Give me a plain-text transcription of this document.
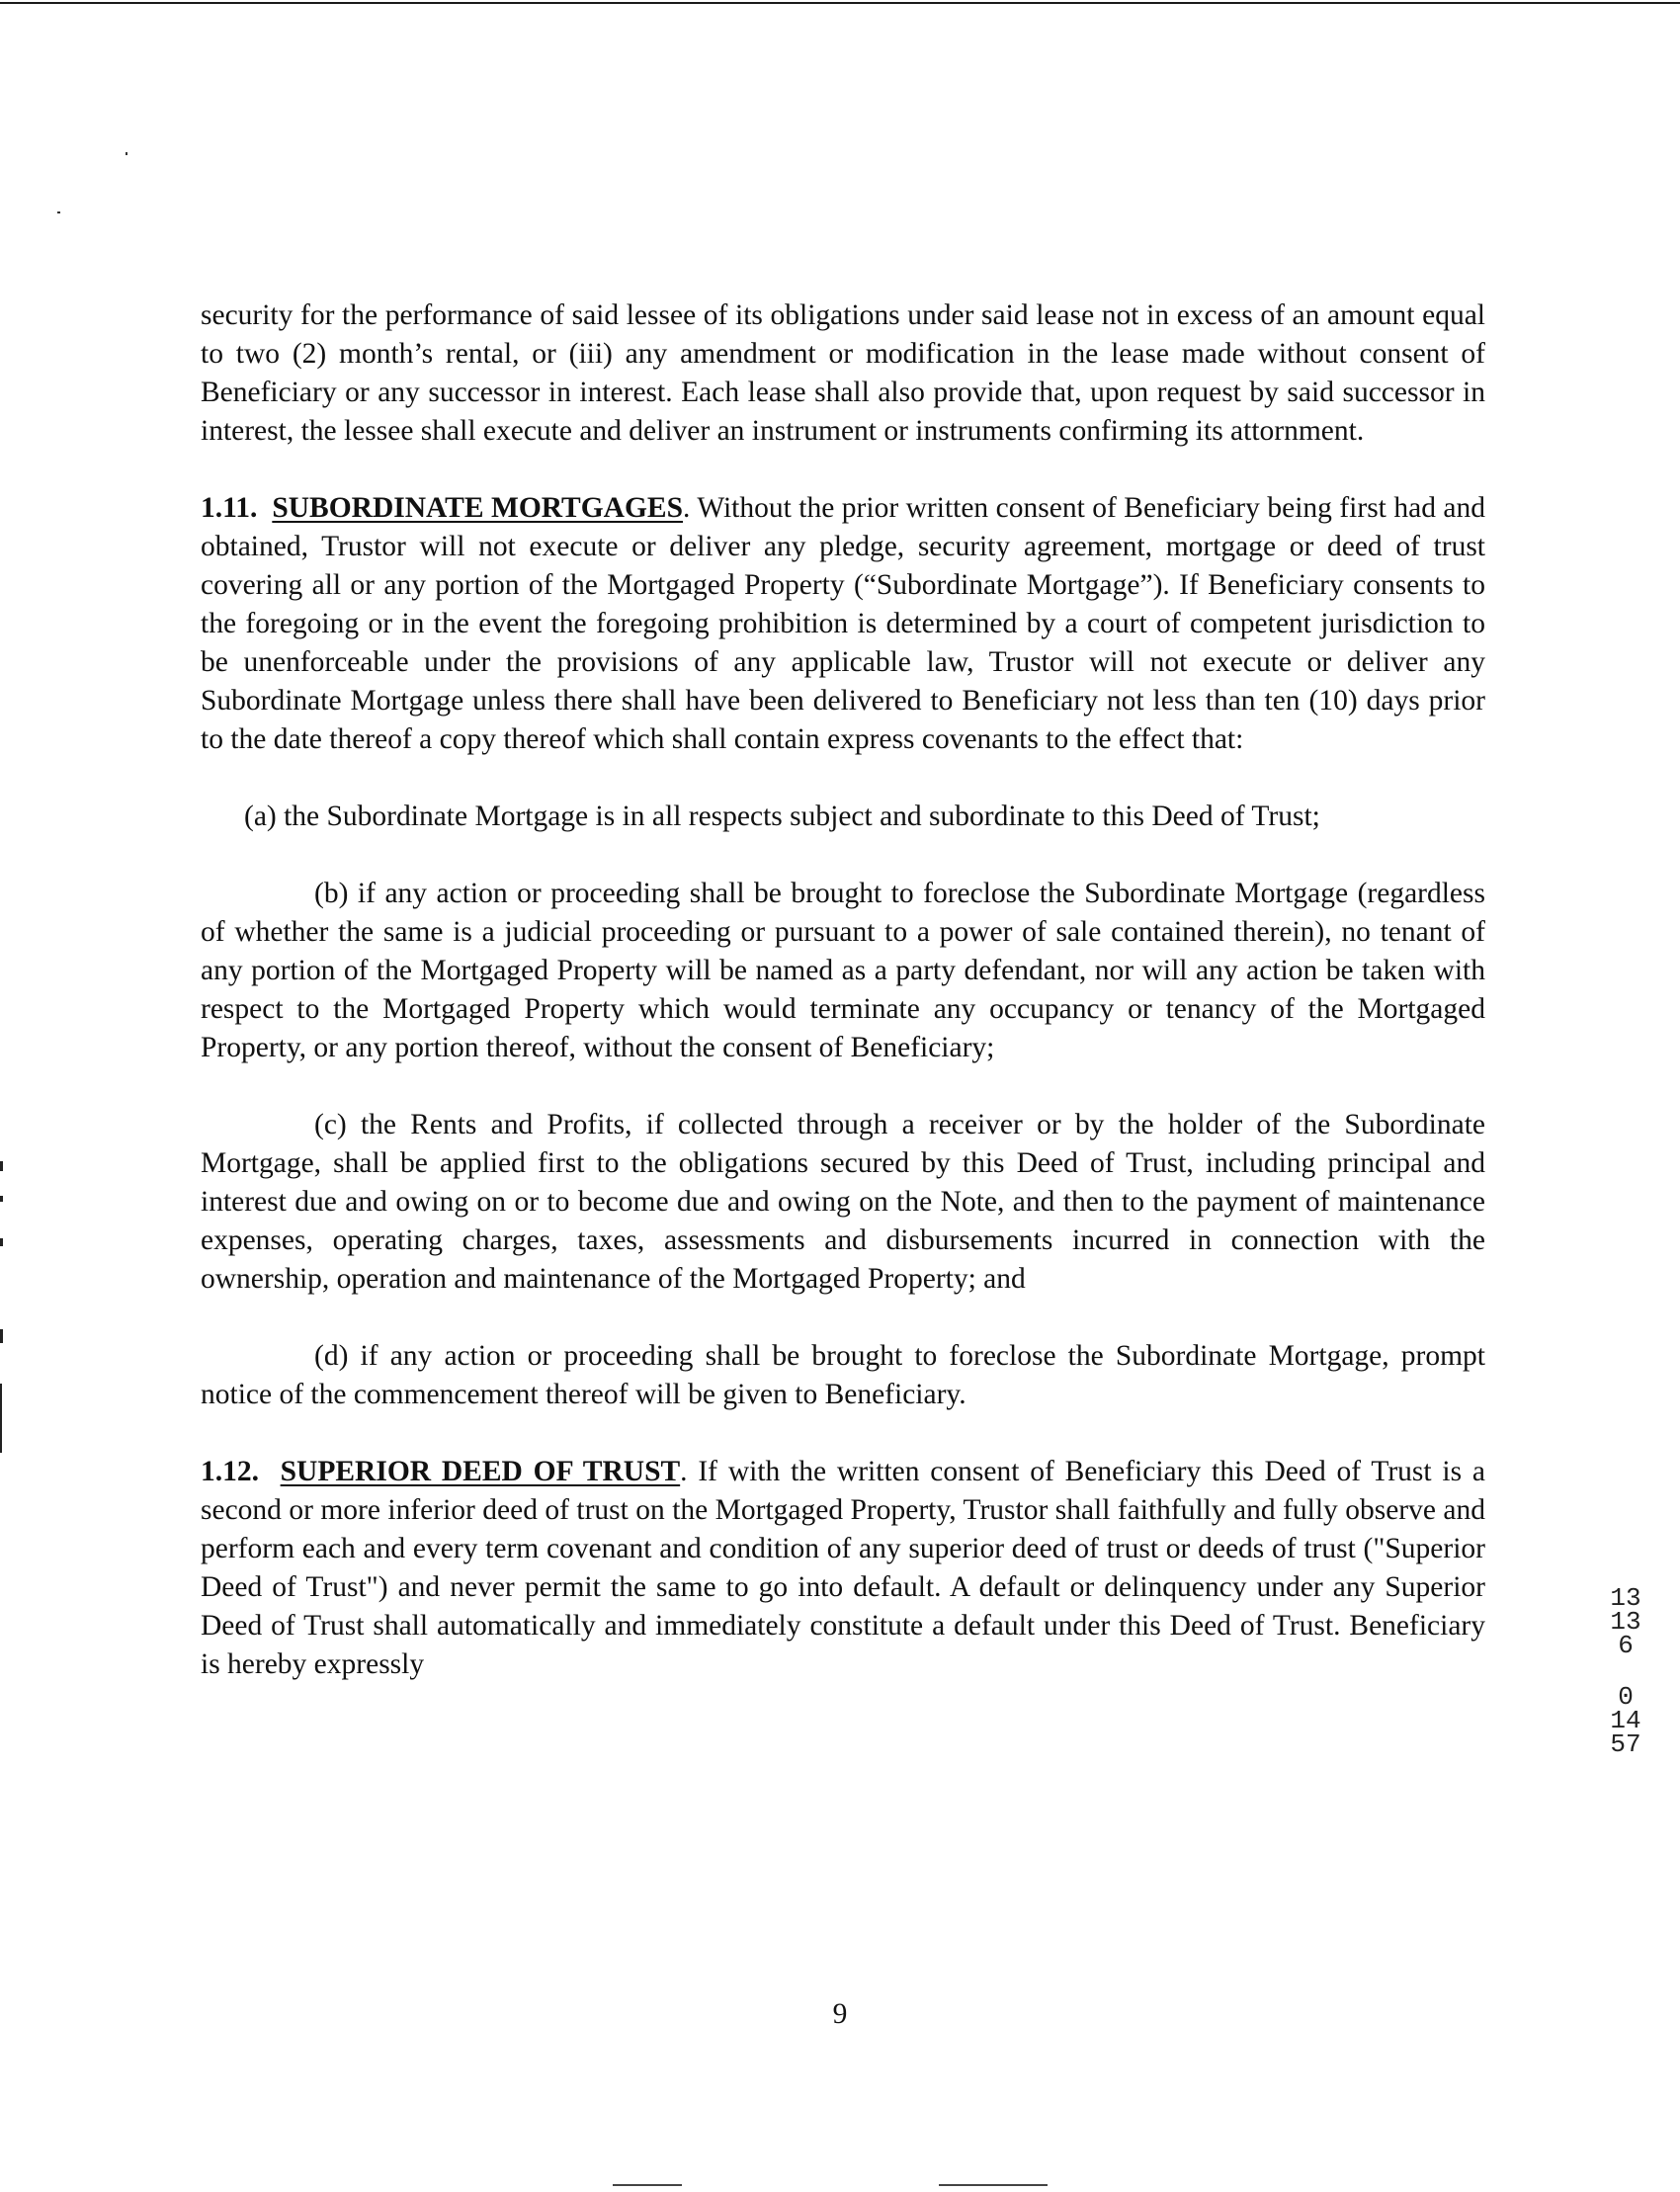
security for the performance of said lessee of its obligations under said lease not in excess of an amount equal to two (2) month’s rental, or (iii) any amendment or modification in the lease made without consent of Beneficiary or any successor in interest. Each lease shall also provide that, upon request by said successor in interest, the lessee shall execute and deliver an instrument or instruments confirming its attornment.

1.11. SUBORDINATE MORTGAGES. Without the prior written consent of Beneficiary being first had and obtained, Trustor will not execute or deliver any pledge, security agreement, mortgage or deed of trust covering all or any portion of the Mortgaged Property (“Subordinate Mortgage”). If Beneficiary consents to the foregoing or in the event the foregoing prohibition is determined by a court of competent jurisdiction to be unenforceable under the provisions of any applicable law, Trustor will not execute or deliver any Subordinate Mortgage unless there shall have been delivered to Beneficiary not less than ten (10) days prior to the date thereof a copy thereof which shall contain express covenants to the effect that:

(a) the Subordinate Mortgage is in all respects subject and subordinate to this Deed of Trust;

(b) if any action or proceeding shall be brought to foreclose the Subordinate Mortgage (regardless of whether the same is a judicial proceeding or pursuant to a power of sale contained therein), no tenant of any portion of the Mortgaged Property will be named as a party defendant, nor will any action be taken with respect to the Mortgaged Property which would terminate any occupancy or tenancy of the Mortgaged Property, or any portion thereof, without the consent of Beneficiary;

(c) the Rents and Profits, if collected through a receiver or by the holder of the Subordinate Mortgage, shall be applied first to the obligations secured by this Deed of Trust, including principal and interest due and owing on or to become due and owing on the Note, and then to the payment of maintenance expenses, operating charges, taxes, assessments and disbursements incurred in connection with the ownership, operation and maintenance of the Mortgaged Property; and

(d) if any action or proceeding shall be brought to foreclose the Subordinate Mortgage, prompt notice of the commencement thereof will be given to Beneficiary.

1.12. SUPERIOR DEED OF TRUST. If with the written consent of Beneficiary this Deed of Trust is a second or more inferior deed of trust on the Mortgaged Property, Trustor shall faithfully and fully observe and perform each and every term covenant and condition of any superior deed of trust or deeds of trust ("Superior Deed of Trust") and never permit the same to go into default. A default or delinquency under any Superior Deed of Trust shall automatically and immediately constitute a default under this Deed of Trust. Beneficiary is hereby expressly

1313
6
0
1457
9
